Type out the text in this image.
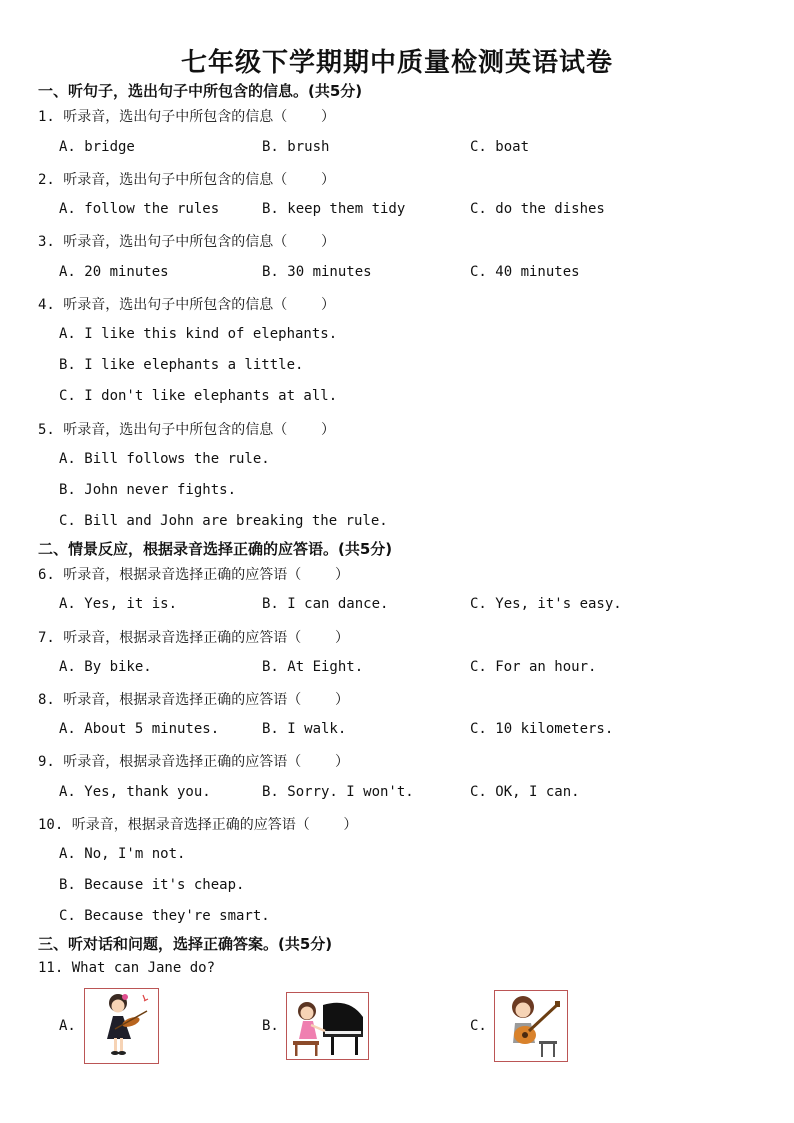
七年级下学期期中质量检测英语试卷
一、听句子，选出句子中所包含的信息。(共5分)
1. 听录音，选出句子中所包含的信息（    ）
A. bridge	B. brush	C. boat
2. 听录音，选出句子中所包含的信息（    ）
A. follow the rules	B. keep them tidy	C. do the dishes
3. 听录音，选出句子中所包含的信息（    ）
A. 20 minutes	B. 30 minutes	C. 40 minutes
4. 听录音，选出句子中所包含的信息（    ）
A. I like this kind of elephants.
B. I like elephants a little.
C. I don't like elephants at all.
5. 听录音，选出句子中所包含的信息（    ）
A. Bill follows the rule.
B. John never fights.
C. Bill and John are breaking the rule.
二、情景反应，根据录音选择正确的应答语。(共5分)
6. 听录音，根据录音选择正确的应答语（    ）
A. Yes, it is.	B. I can dance.	C. Yes, it's easy.
7. 听录音，根据录音选择正确的应答语（    ）
A. By bike.	B. At Eight.	C. For an hour.
8. 听录音，根据录音选择正确的应答语（    ）
A. About 5 minutes.	B. I walk.	C. 10 kilometers.
9. 听录音，根据录音选择正确的应答语（    ）
A. Yes, thank you.	B. Sorry. I won't.	C. OK, I can.
10. 听录音，根据录音选择正确的应答语（    ）
A. No, I'm not.
B. Because it's cheap.
C. Because they're smart.
三、听对话和问题，选择正确答案。(共5分)
11. What can Jane do?
A.	B.	C.
